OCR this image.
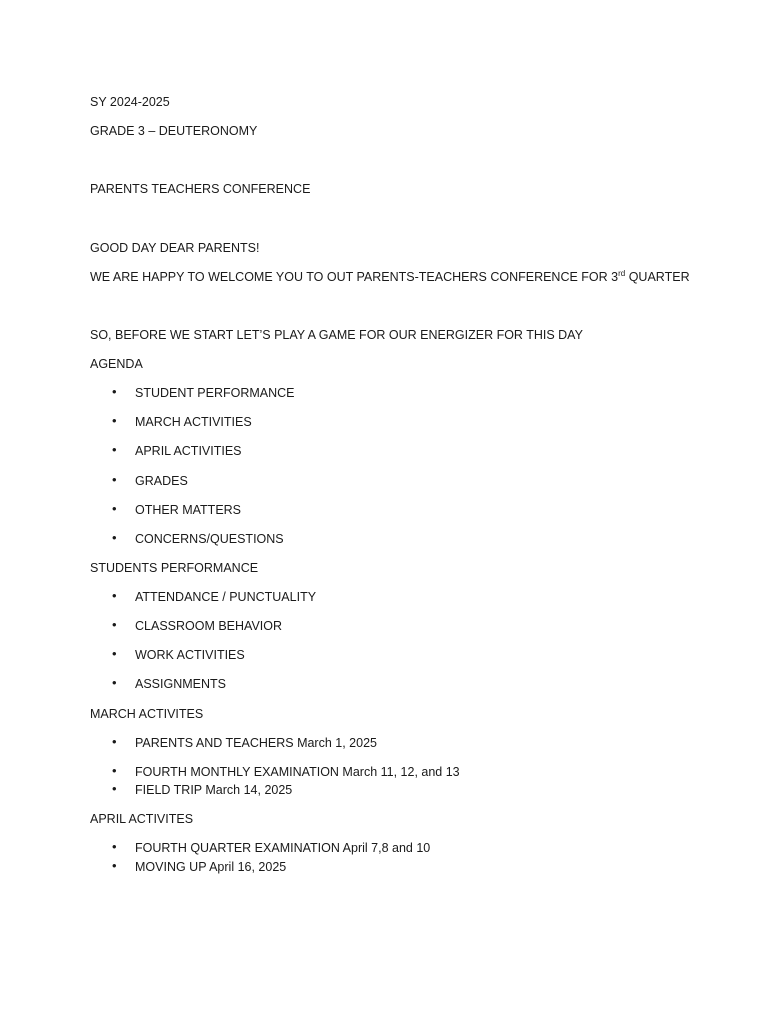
SY 2024-2025
GRADE 3 – DEUTERONOMY
PARENTS TEACHERS CONFERENCE
GOOD DAY DEAR PARENTS!
WE ARE HAPPY TO WELCOME YOU TO OUT PARENTS-TEACHERS CONFERENCE FOR 3rd QUARTER
SO, BEFORE WE START LET’S PLAY A GAME FOR OUR ENERGIZER FOR THIS DAY
AGENDA
• STUDENT PERFORMANCE
• MARCH ACTIVITIES
• APRIL ACTIVITIES
• GRADES
• OTHER MATTERS
• CONCERNS/QUESTIONS
STUDENTS PERFORMANCE
• ATTENDANCE / PUNCTUALITY
• CLASSROOM BEHAVIOR
• WORK ACTIVITIES
• ASSIGNMENTS
MARCH ACTIVITES
• PARENTS AND TEACHERS March 1, 2025
• FOURTH MONTHLY EXAMINATION March 11, 12, and 13
• FIELD TRIP March 14, 2025
APRIL ACTIVITES
• FOURTH QUARTER EXAMINATION April 7,8 and 10
• MOVING UP April 16, 2025
